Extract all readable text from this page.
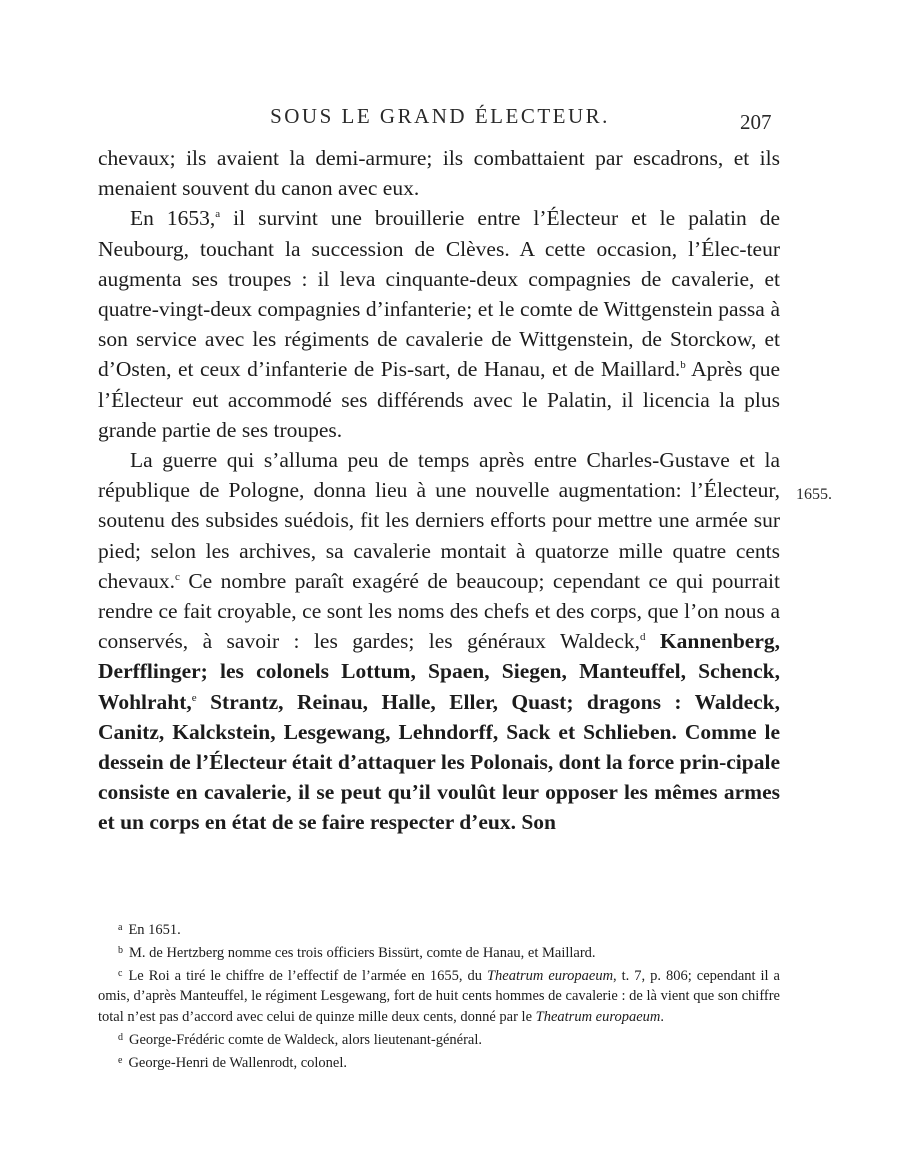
SOUS LE GRAND ÉLECTEUR.	207
1655.

chevaux; ils avaient la demi-armure; ils combattaient par escadrons, et ils menaient souvent du canon avec eux.

En 1653,$^a$ il survint une brouillerie entre l’Électeur et le palatin de Neubourg, touchant la succession de Clèves. A cette occasion, l’Élec-teur augmenta ses troupes : il leva cinquante-deux compagnies de cavalerie, et quatre-vingt-deux compagnies d’infanterie; et le comte de Wittgenstein passa à son service avec les régiments de cavalerie de Wittgenstein, de Storckow, et d’Osten, et ceux d’infanterie de Pis-sart, de Hanau, et de Maillard.$^b$ Après que l’Électeur eut accommodé ses différends avec le Palatin, il licencia la plus grande partie de ses troupes.

La guerre qui s’alluma peu de temps après entre Charles-Gustave et la république de Pologne, donna lieu à une nouvelle augmentation: l’Électeur, soutenu des subsides suédois, fit les derniers efforts pour mettre une armée sur pied; selon les archives, sa cavalerie montait à quatorze mille quatre cents chevaux.$^c$ Ce nombre paraît exagéré de beaucoup; cependant ce qui pourrait rendre ce fait croyable, ce sont les noms des chefs et des corps, que l’on nous a conservés, à savoir : les gardes; les généraux Waldeck,$^d$ Kannenberg, Derfflinger; les colonels Lottum, Spaen, Siegen, Manteuffel, Schenck, Wohlraht,$^e$ Strantz, Reinau, Halle, Eller, Quast; dragons : Waldeck, Canitz, Kalckstein, Lesgewang, Lehndorff, Sack et Schlieben. Comme le dessein de l’Électeur était d’attaquer les Polonais, dont la force prin-cipale consiste en cavalerie, il se peut qu’il voulût leur opposer les mêmes armes et un corps en état de se faire respecter d’eux. Son

$^a$ En 1651.

$^b$ M. de Hertzberg nomme ces trois officiers Bissürt, comte de Hanau, et Maillard.

$^c$ Le Roi a tiré le chiffre de l’effectif de l’armée en 1655, du Theatrum europaeum, t. 7, p. 806; cependant il a omis, d’après Manteuffel, le régiment Lesgewang, fort de huit cents hommes de cavalerie : de là vient que son chiffre total n’est pas d’accord avec celui de quinze mille deux cents, donné par le Theatrum europaeum.

$^d$ George-Frédéric comte de Waldeck, alors lieutenant-général.

$^e$ George-Henri de Wallenrodt, colonel.
